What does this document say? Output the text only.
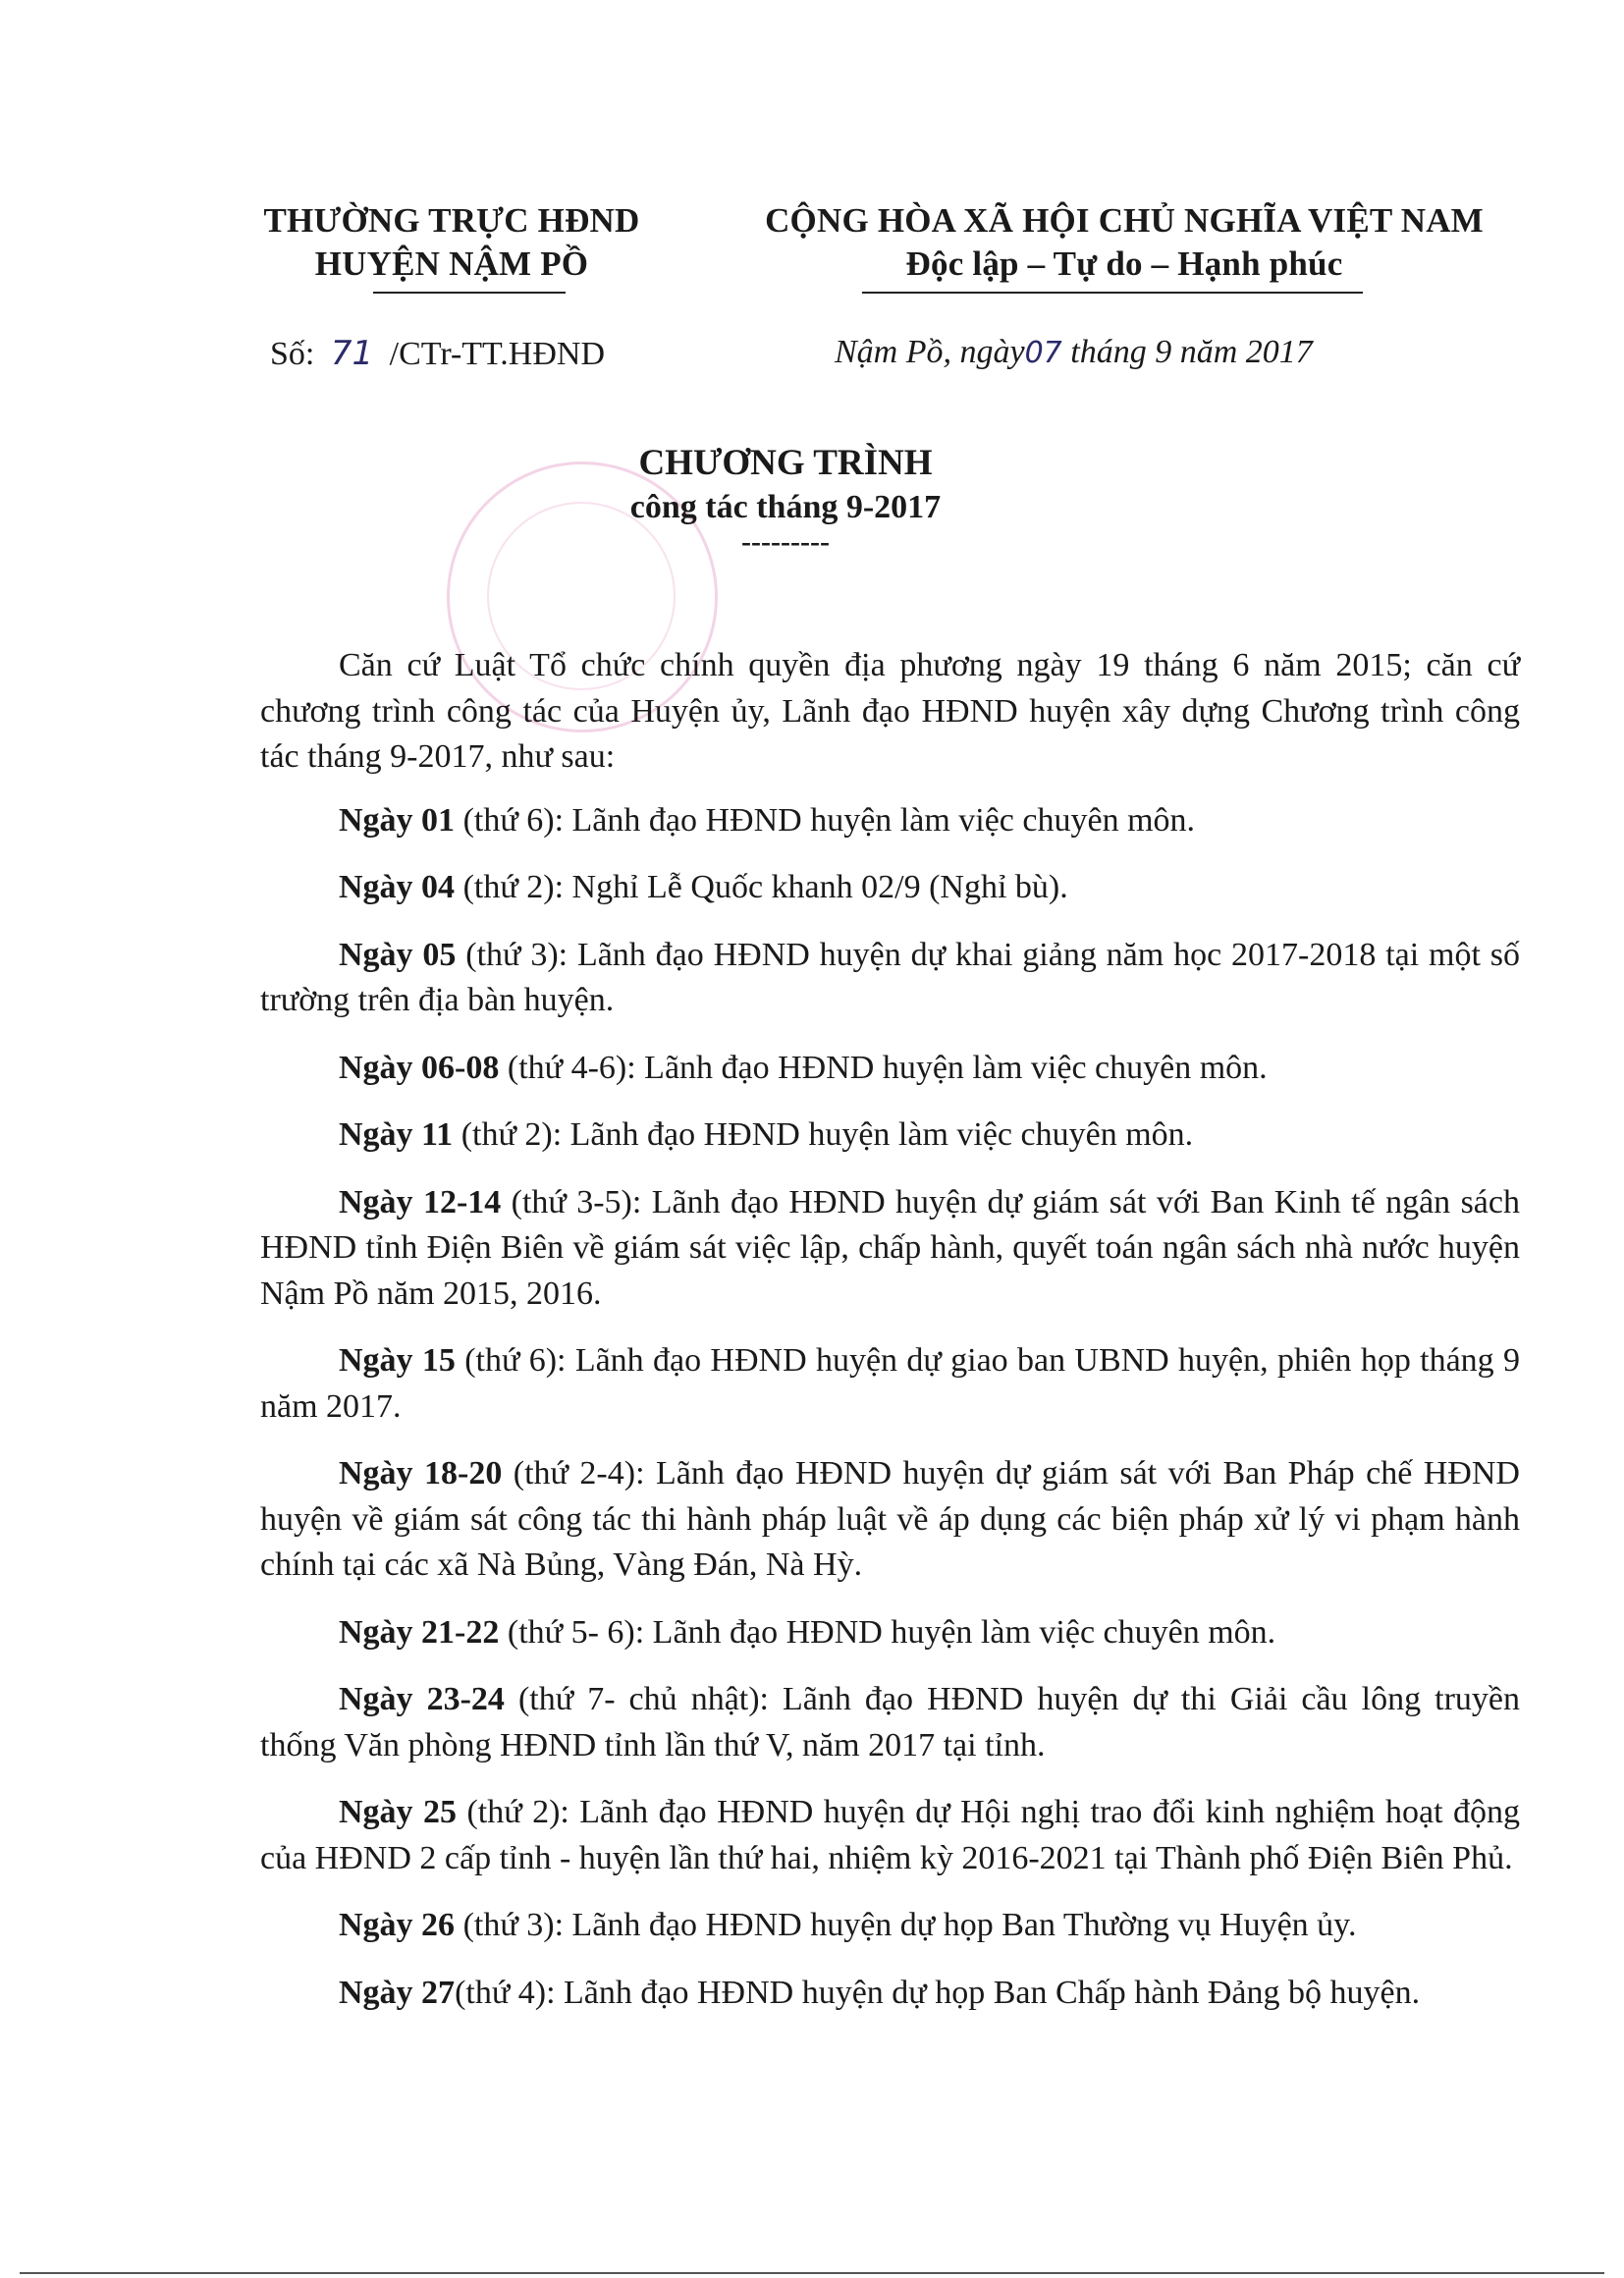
THƯỜNG TRỰC HĐND
HUYỆN NẬM PỒ
CỘNG HÒA XÃ HỘI CHỦ NGHĨA VIỆT NAM
Độc lập – Tự do – Hạnh phúc
Số: 71 /CTr-TT.HĐND	Nậm Pồ, ngày07 tháng 9 năm 2017
CHƯƠNG TRÌNH
công tác tháng 9-2017
---------

Căn cứ Luật Tổ chức chính quyền địa phương ngày 19 tháng 6 năm 2015; căn cứ chương trình công tác của Huyện ủy, Lãnh đạo HĐND huyện xây dựng Chương trình công tác tháng 9-2017, như sau:

Ngày 01 (thứ 6): Lãnh đạo HĐND huyện làm việc chuyên môn.

Ngày 04 (thứ 2): Nghỉ Lễ Quốc khanh 02/9 (Nghỉ bù).

Ngày 05 (thứ 3): Lãnh đạo HĐND huyện dự khai giảng năm học 2017-2018 tại một số trường trên địa bàn huyện.

Ngày 06-08 (thứ 4-6): Lãnh đạo HĐND huyện làm việc chuyên môn.

Ngày 11 (thứ 2): Lãnh đạo HĐND huyện làm việc chuyên môn.

Ngày 12-14 (thứ 3-5): Lãnh đạo HĐND huyện dự giám sát với Ban Kinh tế ngân sách HĐND tỉnh Điện Biên về giám sát việc lập, chấp hành, quyết toán ngân sách nhà nước huyện Nậm Pồ năm 2015, 2016.

Ngày 15 (thứ 6): Lãnh đạo HĐND huyện dự giao ban UBND huyện, phiên họp tháng 9 năm 2017.

Ngày 18-20 (thứ 2-4): Lãnh đạo HĐND huyện dự giám sát với Ban Pháp chế HĐND huyện về giám sát công tác thi hành pháp luật về áp dụng các biện pháp xử lý vi phạm hành chính tại các xã Nà Bủng, Vàng Đán, Nà Hỳ.

Ngày 21-22 (thứ 5- 6): Lãnh đạo HĐND huyện làm việc chuyên môn.

Ngày 23-24 (thứ 7- chủ nhật): Lãnh đạo HĐND huyện dự thi Giải cầu lông truyền thống Văn phòng HĐND tỉnh lần thứ V, năm 2017 tại tỉnh.

Ngày 25 (thứ 2): Lãnh đạo HĐND huyện dự Hội nghị trao đổi kinh nghiệm hoạt động của HĐND 2 cấp tỉnh - huyện lần thứ hai, nhiệm kỳ 2016-2021 tại Thành phố Điện Biên Phủ.

Ngày 26 (thứ 3): Lãnh đạo HĐND huyện dự họp Ban Thường vụ Huyện ủy.

Ngày 27(thứ 4): Lãnh đạo HĐND huyện dự họp Ban Chấp hành Đảng bộ huyện.
